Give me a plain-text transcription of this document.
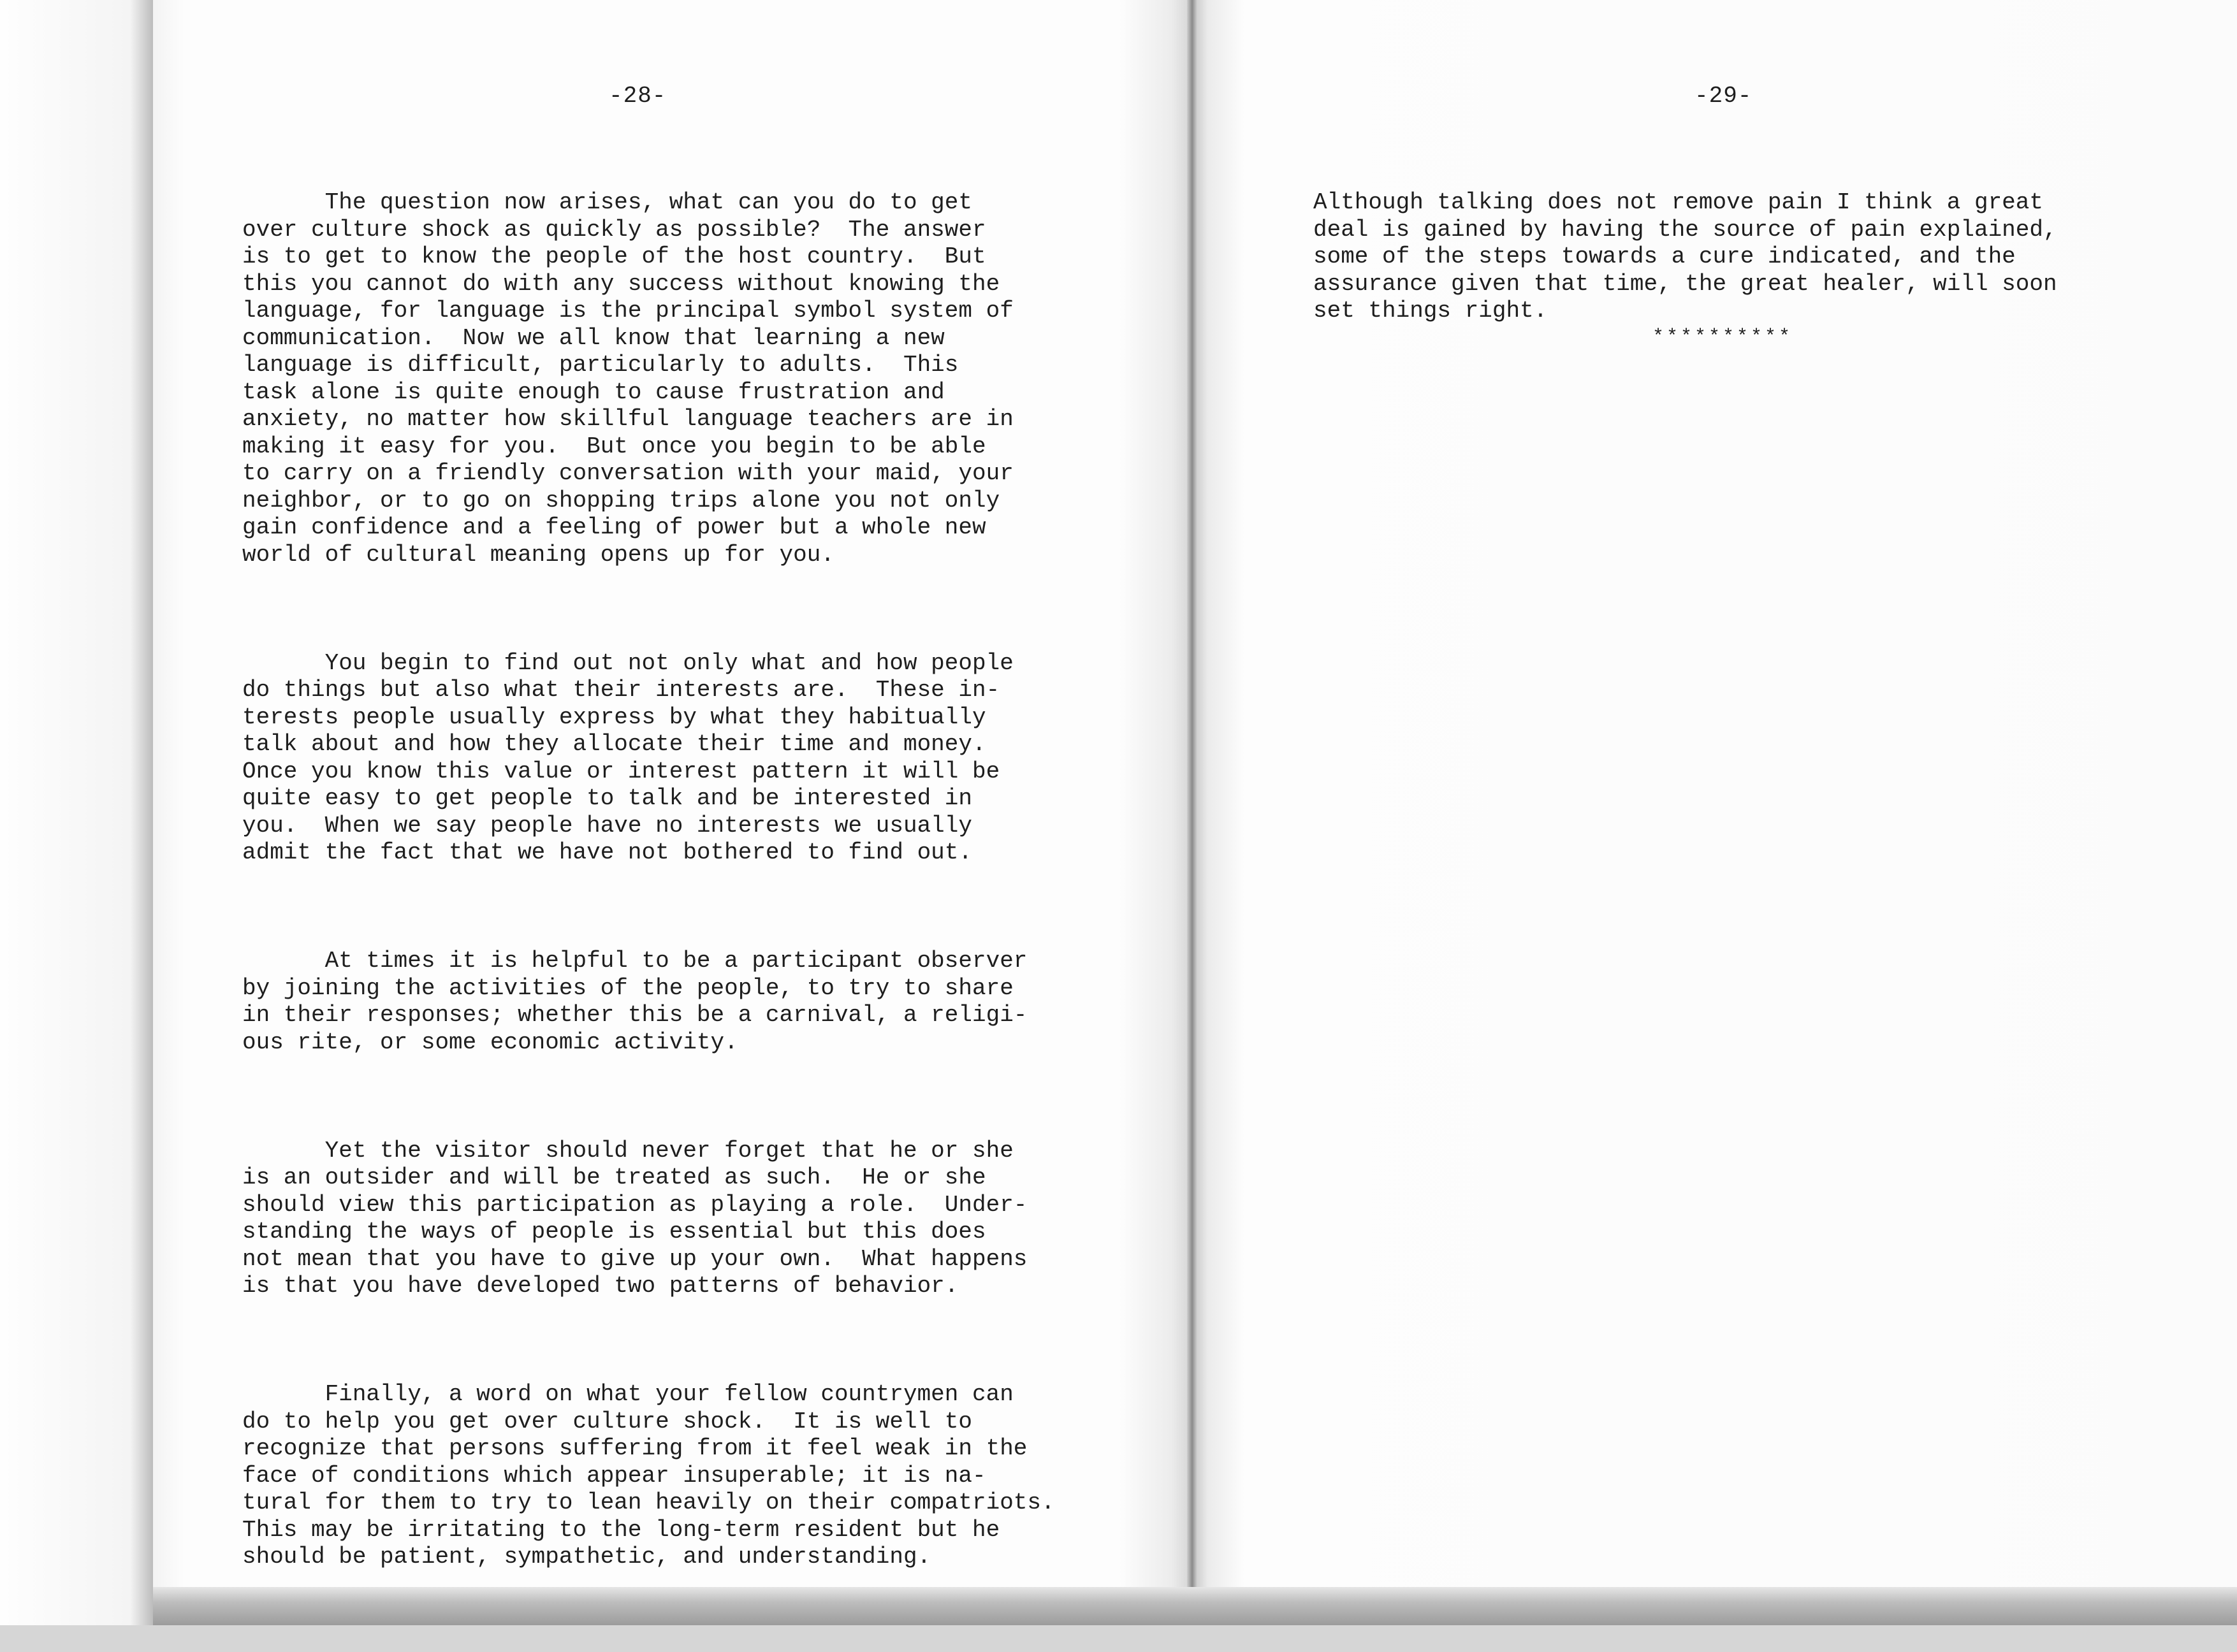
-28-

The question now arises, what can you do to get
over culture shock as quickly as possible?  The answer
is to get to know the people of the host country.  But
this you cannot do with any success without knowing the
language, for language is the principal symbol system of
communication.  Now we all know that learning a new
language is difficult, particularly to adults.  This
task alone is quite enough to cause frustration and
anxiety, no matter how skillful language teachers are in
making it easy for you.  But once you begin to be able
to carry on a friendly conversation with your maid, your
neighbor, or to go on shopping trips alone you not only
gain confidence and a feeling of power but a whole new
world of cultural meaning opens up for you.

You begin to find out not only what and how people
do things but also what their interests are.  These in-
terests people usually express by what they habitually
talk about and how they allocate their time and money.
Once you know this value or interest pattern it will be
quite easy to get people to talk and be interested in
you.  When we say people have no interests we usually
admit the fact that we have not bothered to find out.

At times it is helpful to be a participant observer
by joining the activities of the people, to try to share
in their responses; whether this be a carnival, a religi-
ous rite, or some economic activity.

Yet the visitor should never forget that he or she
is an outsider and will be treated as such.  He or she
should view this participation as playing a role.  Under-
standing the ways of people is essential but this does
not mean that you have to give up your own.  What happens
is that you have developed two patterns of behavior.

Finally, a word on what your fellow countrymen can
do to help you get over culture shock.  It is well to
recognize that persons suffering from it feel weak in the
face of conditions which appear insuperable; it is na-
tural for them to try to lean heavily on their compatriots.
This may be irritating to the long-term resident but he
should be patient, sympathetic, and understanding.

-29-

Although talking does not remove pain I think a great
deal is gained by having the source of pain explained,
some of the steps towards a cure indicated, and the
assurance given that time, the great healer, will soon
set things right.

**********
